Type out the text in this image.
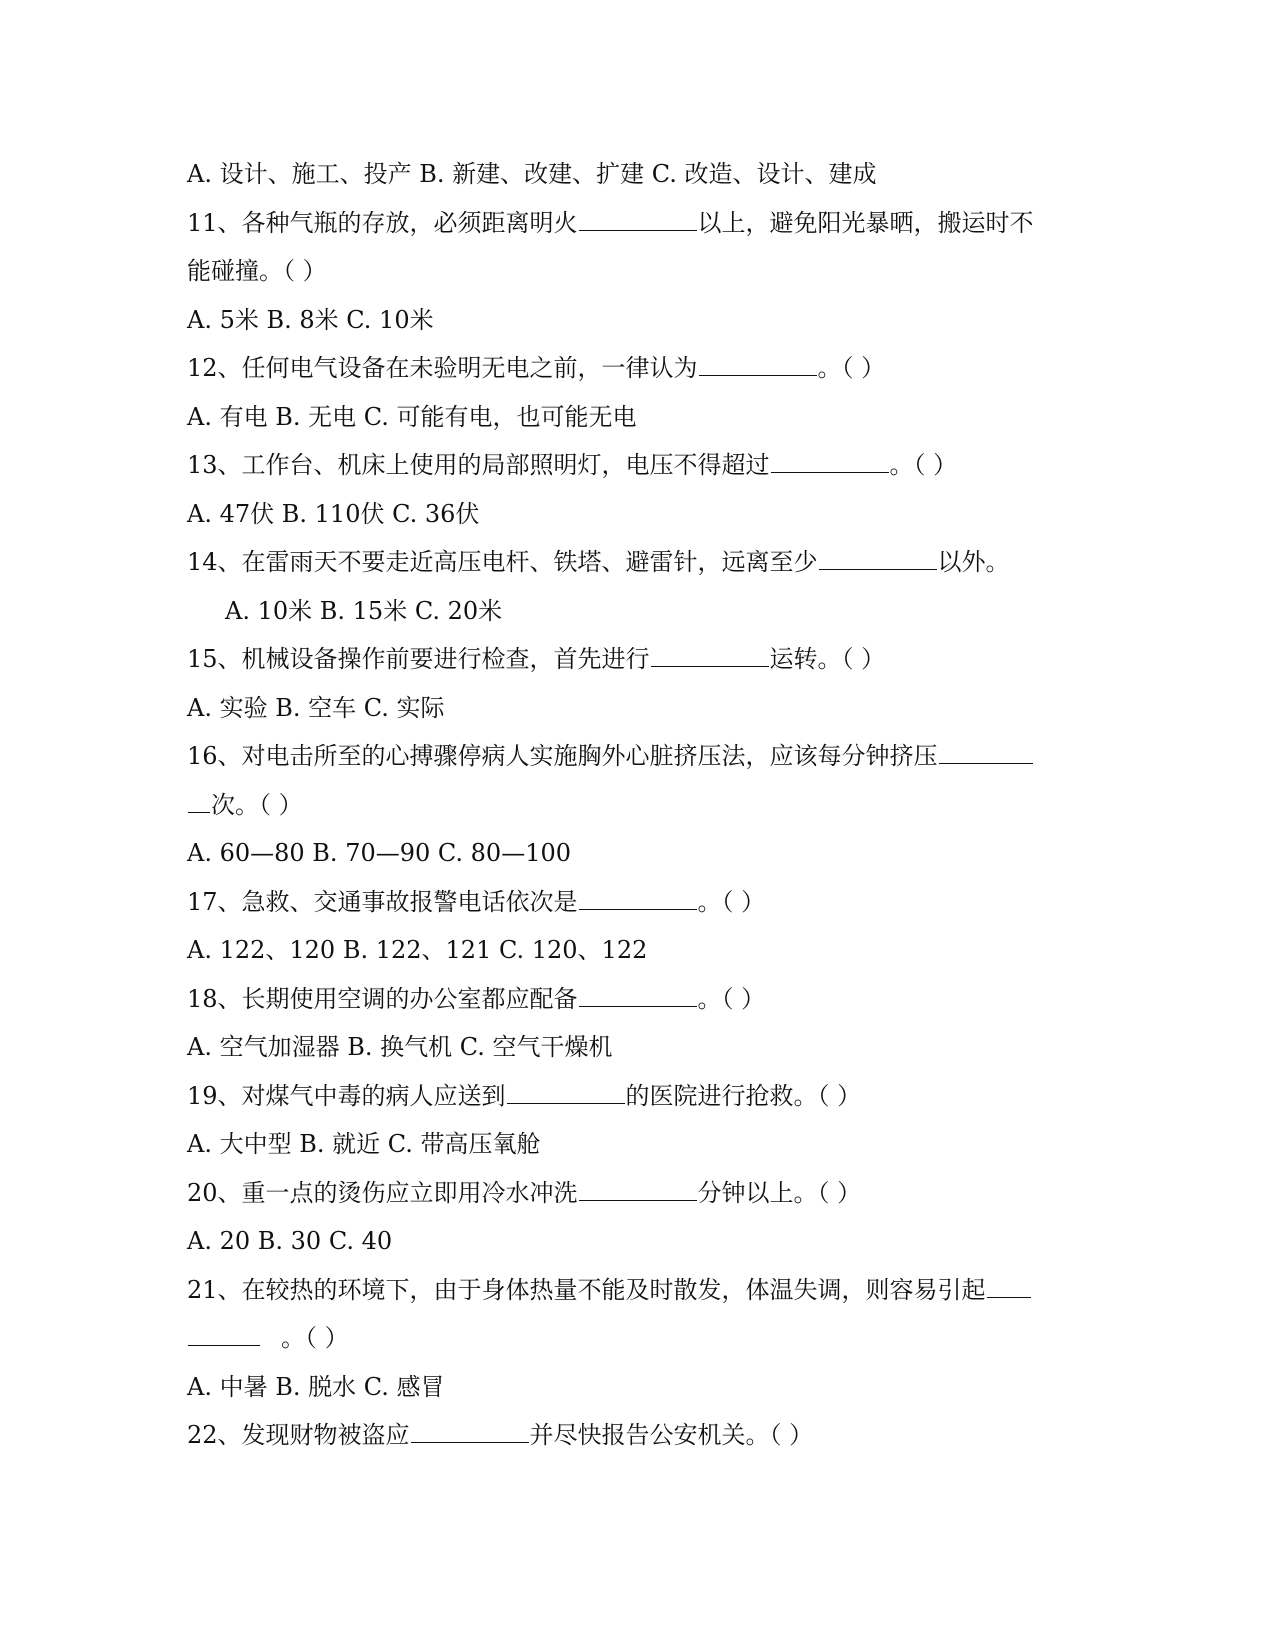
A. 设计、施工、投产 B. 新建、改建、扩建 C. 改造、设计、建成
11、各种气瓶的存放，必须距离明火	以上，避免阳光暴晒，搬运时不
能碰撞。（ ）
A. 5米 B. 8米 C. 10米
12、任何电气设备在未验明无电之前，一律认为	。（ ）
A. 有电 B. 无电 C. 可能有电，也可能无电
13、工作台、机床上使用的局部照明灯，电压不得超过	。（ ）
A. 47伏 B. 110伏 C. 36伏
14、在雷雨天不要走近高压电杆、铁塔、避雷针，远离至少	以外。
A. 10米 B. 15米 C. 20米
15、机械设备操作前要进行检查，首先进行	运转。（ ）
A. 实验 B. 空车 C. 实际
16、对电击所至的心搏骤停病人实施胸外心脏挤压法，应该每分钟挤压
次。（ ）
A. 60—80 B. 70—90 C. 80—100
17、急救、交通事故报警电话依次是	。（ ）
A. 122、120 B. 122、121 C. 120、122
18、长期使用空调的办公室都应配备	。（ ）
A. 空气加湿器 B. 换气机 C. 空气干燥机
19、对煤气中毒的病人应送到	的医院进行抢救。（ ）
A. 大中型 B. 就近 C. 带高压氧舱
20、重一点的烫伤应立即用冷水冲洗	分钟以上。（ ）
A. 20 B. 30 C. 40
21、在较热的环境下，由于身体热量不能及时散发，体温失调，则容易引起
。（ ）
A. 中暑 B. 脱水 C. 感冒
22、发现财物被盗应	并尽快报告公安机关。（ ）
